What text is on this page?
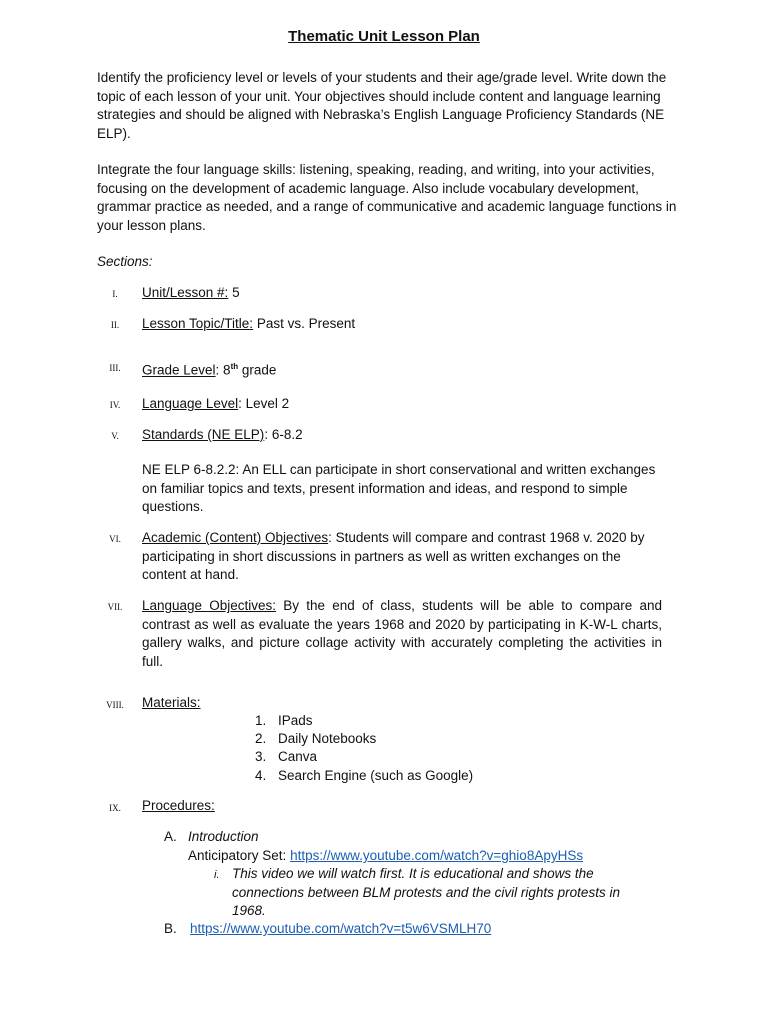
Thematic Unit Lesson Plan
Identify the proficiency level or levels of your students and their age/grade level. Write down the topic of each lesson of your unit. Your objectives should include content and language learning strategies and should be aligned with Nebraska’s English Language Proficiency Standards (NE ELP).
Integrate the four language skills: listening, speaking, reading, and writing, into your activities, focusing on the development of academic language. Also include vocabulary development, grammar practice as needed, and a range of communicative and academic language functions in your lesson plans.
Sections:
I.	Unit/Lesson #: 5
II.	Lesson Topic/Title: Past vs. Present
III.	Grade Level: 8th grade
IV.	Language Level: Level 2
V.	Standards (NE ELP): 6-8.2
NE ELP 6-8.2.2: An ELL can participate in short conservational and written exchanges on familiar topics and texts, present information and ideas, and respond to simple questions.
VI.	Academic (Content) Objectives: Students will compare and contrast 1968 v. 2020 by participating in short discussions in partners as well as written exchanges on the content at hand.
VII.	Language Objectives: By the end of class, students will be able to compare and contrast as well as evaluate the years 1968 and 2020 by participating in K-W-L charts, gallery walks, and picture collage activity with accurately completing the activities in full.
VIII.	Materials:
1. IPads
2. Daily Notebooks
3. Canva
4. Search Engine (such as Google)
IX.	Procedures:
A. Introduction
Anticipatory Set: https://www.youtube.com/watch?v=ghio8ApyHSs
i. This video we will watch first. It is educational and shows the connections between BLM protests and the civil rights protests in 1968.
B. https://www.youtube.com/watch?v=t5w6VSMLH70
